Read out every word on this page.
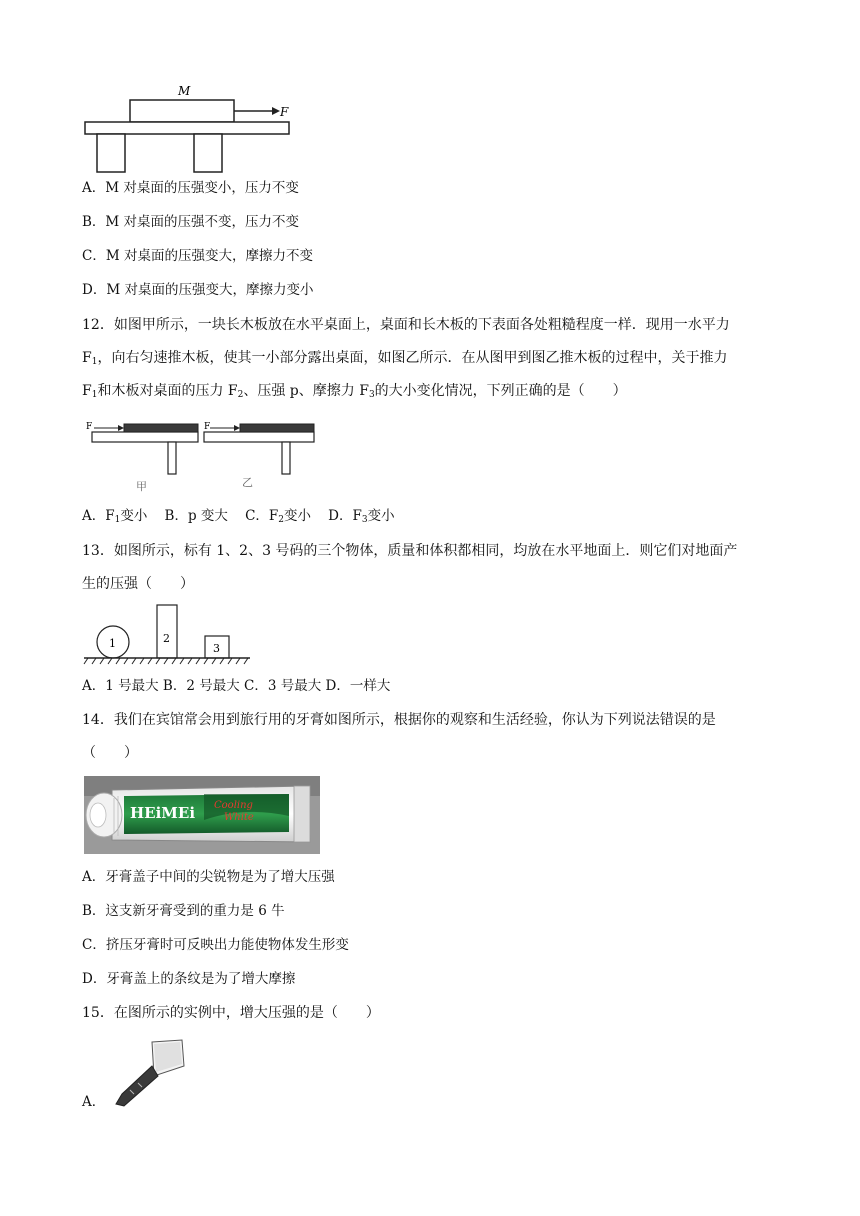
M
F
A．M 对桌面的压强变小，压力不变
B．M 对桌面的压强不变，压力不变
C．M 对桌面的压强变大，摩擦力不变
D．M 对桌面的压强变大，摩擦力变小
12．如图甲所示，一块长木板放在水平桌面上，桌面和长木板的下表面各处粗糙程度一样．现用一水平力
$F_1$，向右匀速推木板，使其一小部分露出桌面，如图乙所示．在从图甲到图乙推木板的过程中，关于推力
$F_1$和木板对桌面的压力 $F_2$、压强 p、摩擦力 $F_3$的大小变化情况，下列正确的是（　　）
F
甲
F
乙
A．$F_1$变小 B．p 变大 C．$F_2$变小 D．$F_3$变小
13．如图所示，标有 1、2、3 号码的三个物体，质量和体积都相同，均放在水平地面上．则它们对地面产
生的压强（　　）
1	2
3
A．1 号最大 B．2 号最大 C．3 号最大 D．一样大
14．我们在宾馆常会用到旅行用的牙膏如图所示，根据你的观察和生活经验，你认为下列说法错误的是
（　　）
HEiMEi Cooling
White
A．牙膏盖子中间的尖锐物是为了增大压强
B．这支新牙膏受到的重力是 6 牛
C．挤压牙膏时可反映出力能使物体发生形变
D．牙膏盖上的条纹是为了增大摩擦
15．在图所示的实例中，增大压强的是（　　）
A．
